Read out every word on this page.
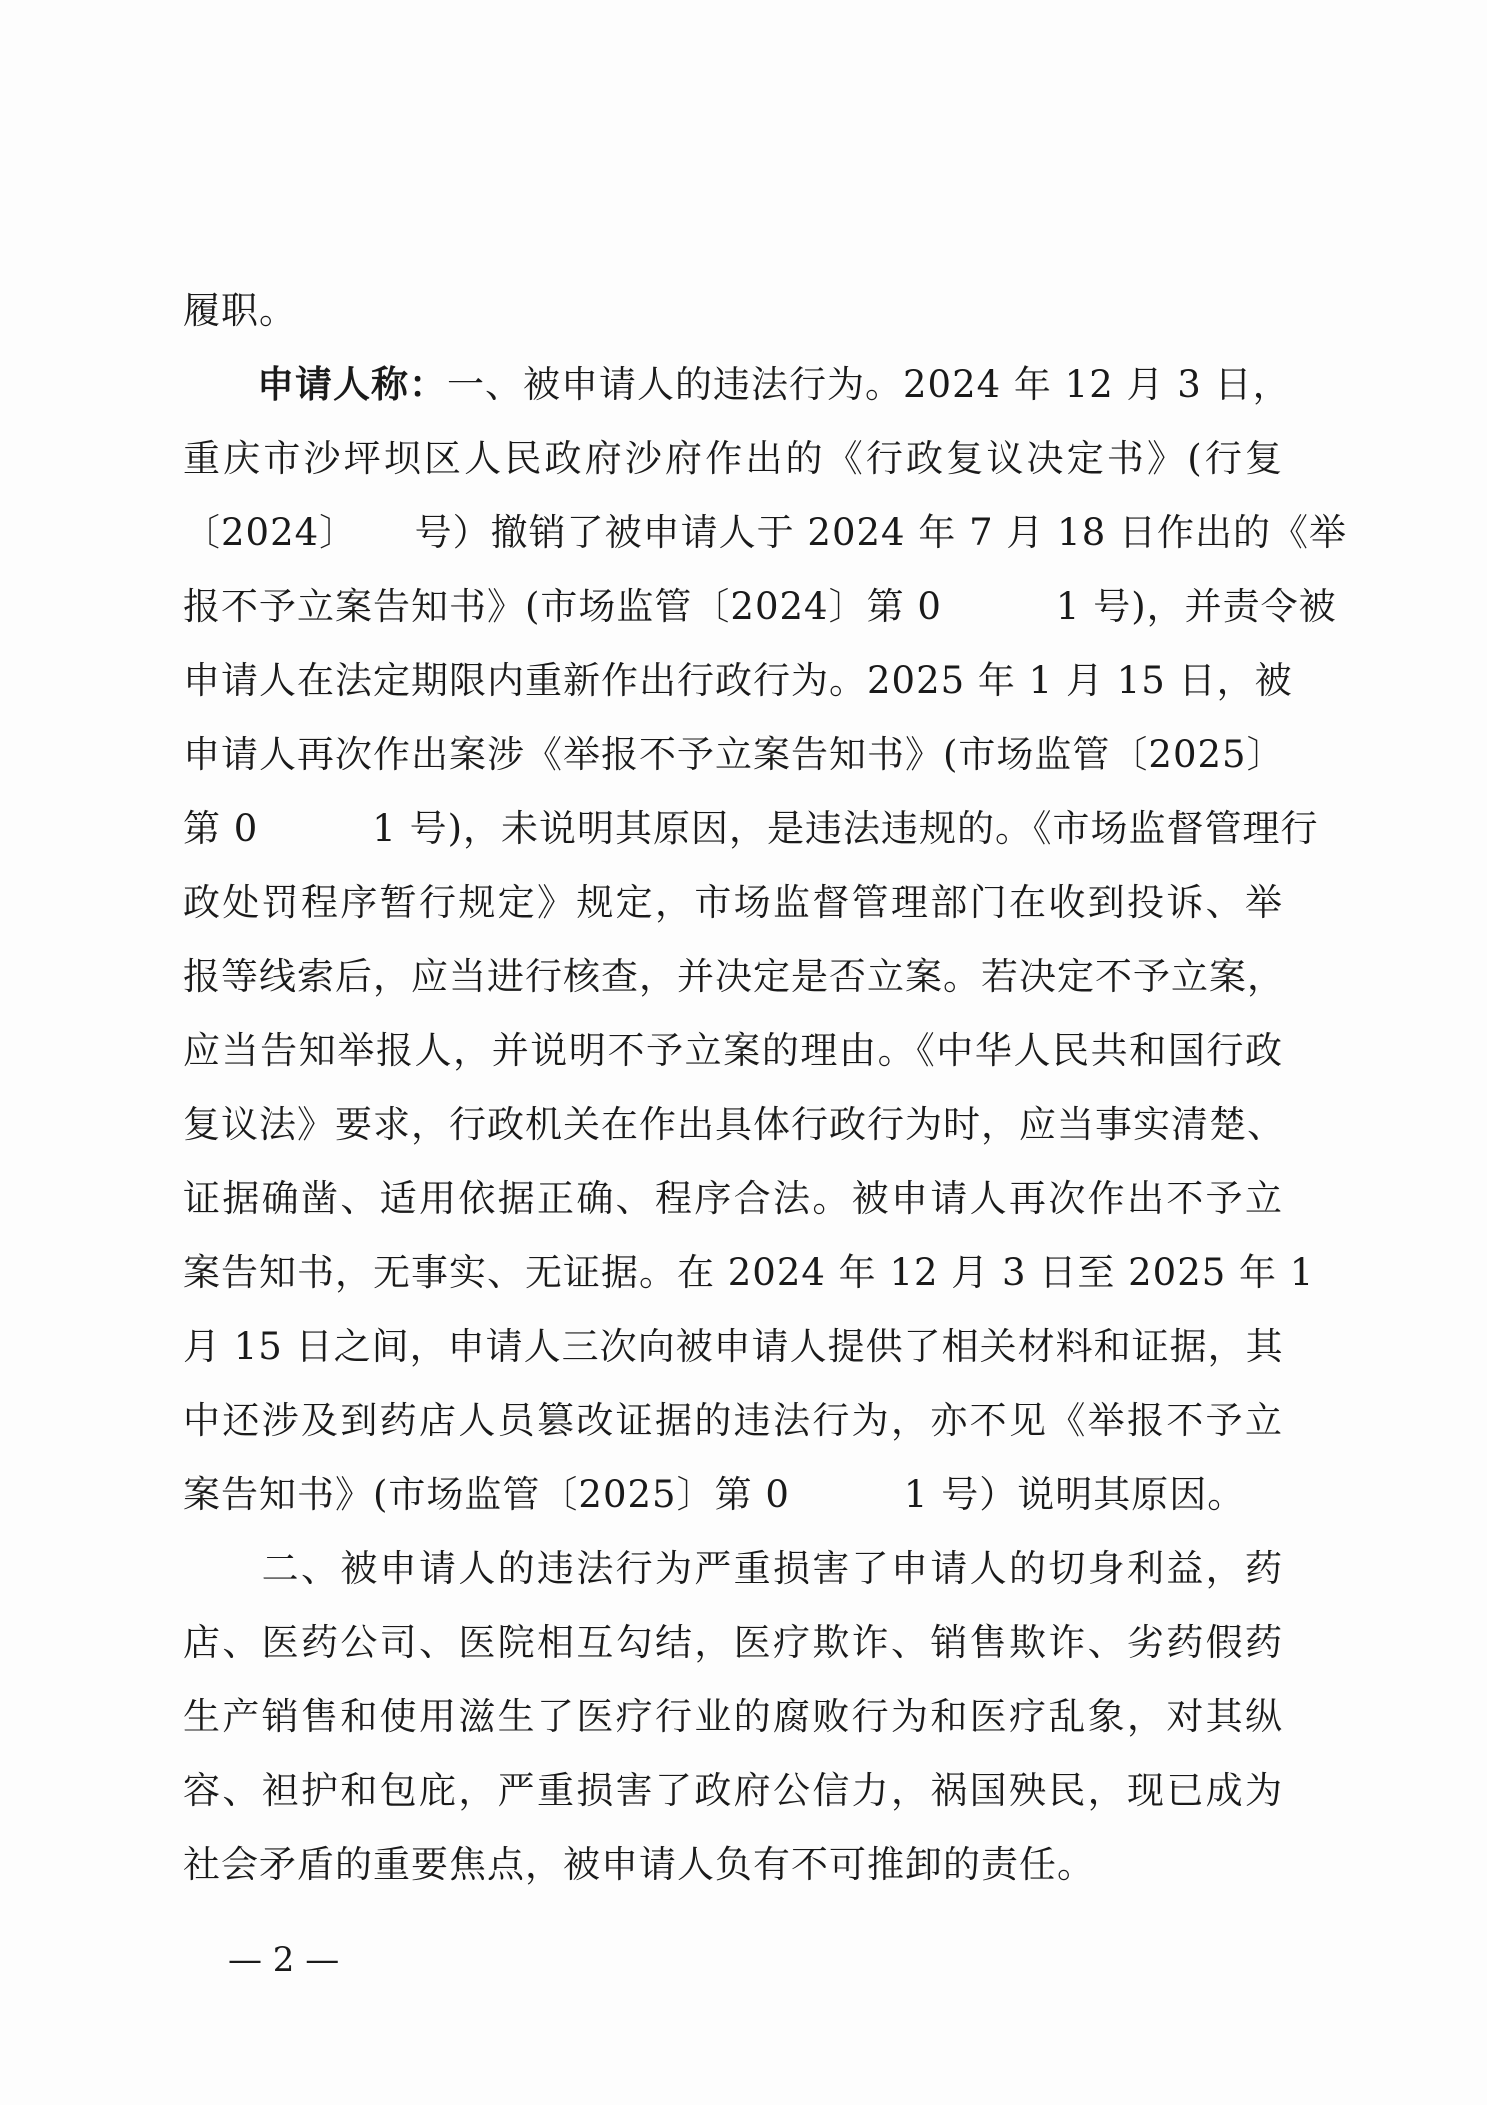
履职。
申请人称：一、被申请人的违法行为。2024 年 12 月 3 日，
重庆市沙坪坝区人民政府沙府作出的《行政复议决定书》(行复
〔2024〕　　号）撤销了被申请人于 2024 年 7 月 18 日作出的《举
报不予立案告知书》(市场监管〔2024〕第 0　　　1 号)，并责令被
申请人在法定期限内重新作出行政行为。2025 年 1 月 15 日，被
申请人再次作出案涉《举报不予立案告知书》(市场监管〔2025〕
第 0　　　1 号)，未说明其原因，是违法违规的。《市场监督管理行
政处罚程序暂行规定》规定，市场监督管理部门在收到投诉、举
报等线索后，应当进行核查，并决定是否立案。若决定不予立案，
应当告知举报人，并说明不予立案的理由。《中华人民共和国行政
复议法》要求，行政机关在作出具体行政行为时，应当事实清楚、
证据确凿、适用依据正确、程序合法。被申请人再次作出不予立
案告知书，无事实、无证据。在 2024 年 12 月 3 日至 2025 年 1
月 15 日之间，申请人三次向被申请人提供了相关材料和证据，其
中还涉及到药店人员篡改证据的违法行为，亦不见《举报不予立
案告知书》(市场监管〔2025〕第 0　　　1 号）说明其原因。
　　二、被申请人的违法行为严重损害了申请人的切身利益，药
店、医药公司、医院相互勾结，医疗欺诈、销售欺诈、劣药假药
生产销售和使用滋生了医疗行业的腐败行为和医疗乱象，对其纵
容、袒护和包庇，严重损害了政府公信力，祸国殃民，现已成为
社会矛盾的重要焦点，被申请人负有不可推卸的责任。
— 2 —
